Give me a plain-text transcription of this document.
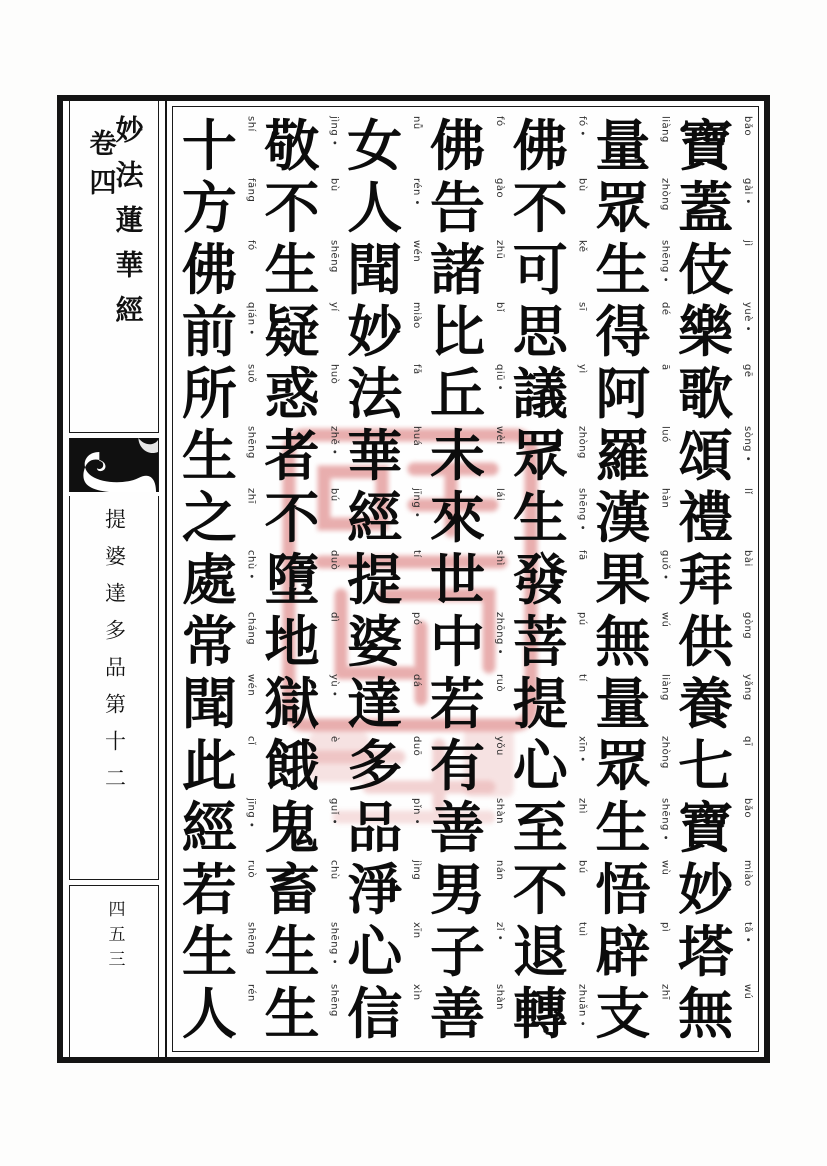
妙法蓮華經
卷四
提婆達多品第十二
四五三
寶
蓋
伎
樂
歌
頌
禮
拜
供
養
七
寶
妙
塔
無
bǎo
gài •
jì
yuè •
gē
sòng •
lǐ
bài
gòng
yǎng
qī
bǎo
miào
tǎ •
wú
量
眾
生
得
阿
羅
漢
果
無
量
眾
生
悟
辟
支
liàng
zhòng
shēng •
dé
ā
luó
hàn
guǒ •
wú
liàng
zhòng
shēng •
wù
pì
zhī
佛
不
可
思
議
眾
生
發
菩
提
心
至
不
退
轉
fó •
bù
kě
sī
yì
zhòng
shēng •
fā
pú
tí
xīn •
zhì
bú
tuì
zhuǎn •
佛
告
諸
比
丘
未
來
世
中
若
有
善
男
子
善
fó
gào
zhū
bǐ
qiū •
wèi
lái
shì
zhōng •
ruò
yǒu
shàn
nán
zǐ •
shàn
女
人
聞
妙
法
華
經
提
婆
達
多
品
淨
心
信
nǚ
rén •
wén
miào
fǎ
huá
jīng •
tí
pó
dá
duō
pǐn •
jìng
xīn
xìn
敬
不
生
疑
惑
者
不
墮
地
獄
餓
鬼
畜
生
生
jìng •
bù
shēng
yí
huò
zhě •
bú
duò
dì
yù •
è
guǐ •
chù
shēng •
shēng
十
方
佛
前
所
生
之
處
常
聞
此
經
若
生
人
shí
fāng
fó
qián •
suǒ
shēng
zhī
chù •
cháng
wén
cǐ
jīng •
ruò
shēng
rén
